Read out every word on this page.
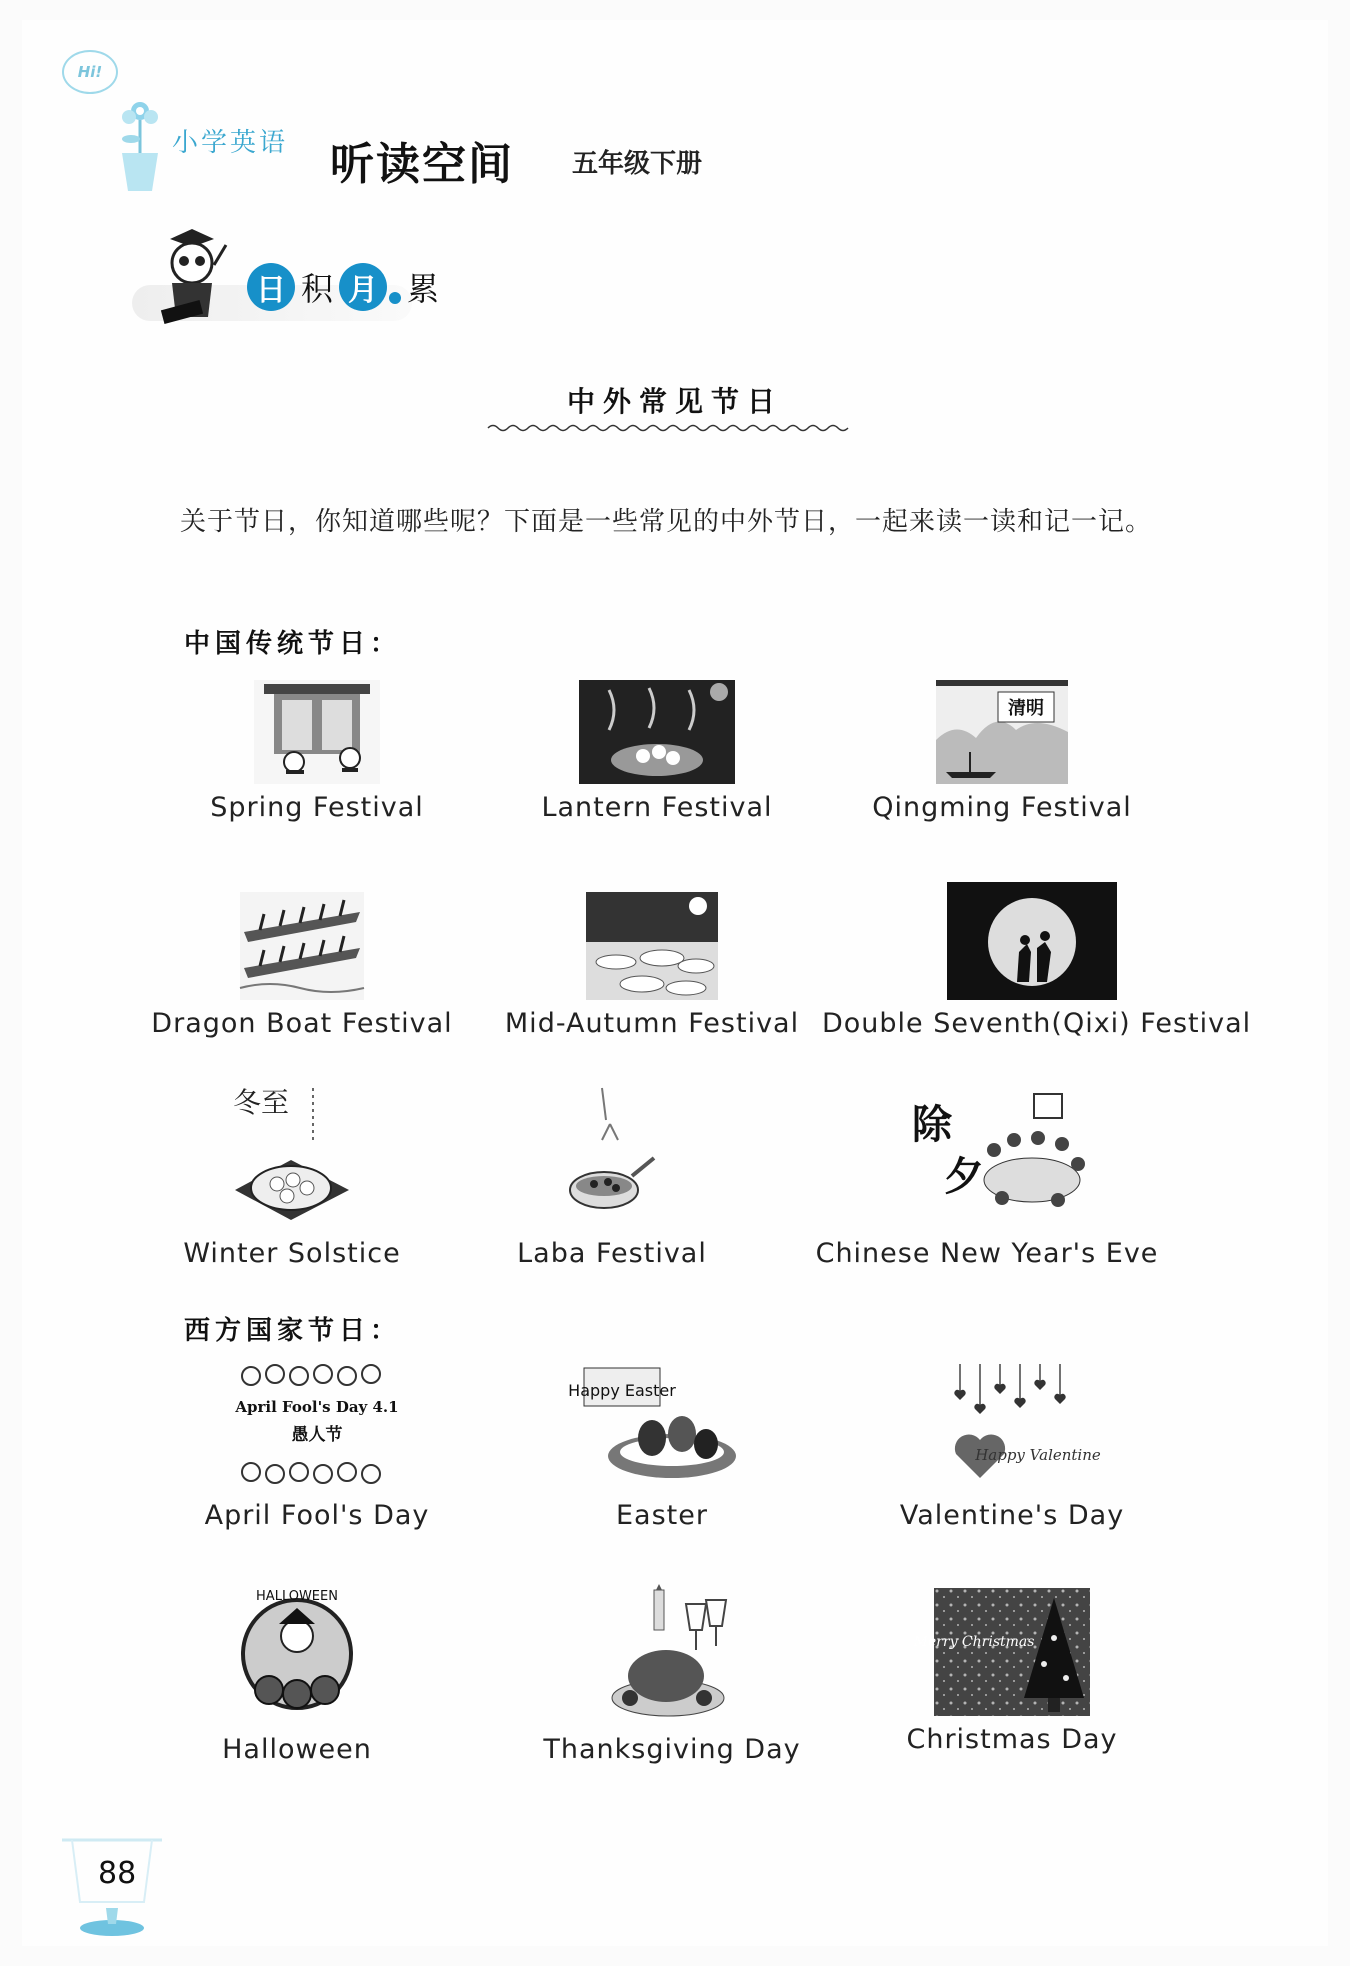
Hi!
小学英语 听读空间 五年级下册
日 积 月 累
中外常见节日
关于节日，你知道哪些呢？下面是一些常见的中外节日，一起来读一读和记一记。
中国传统节日：
Spring Festival	Lantern Festival
清明
Qingming Festival
Dragon Boat Festival	Mid-Autumn Festival Double Seventh(Qixi) Festival
冬至
Winter Solstice	Laba Festival
除
夕
Chinese New Year's Eve
西方国家节日：
April Fool's Day 4.1
愚人节
April Fool's Day
Happy Easter
Easter
Happy Valentine
Valentine's Day
HALLOWEEN
Halloween	Thanksgiving Day
Merry Christmas
Christmas Day
88
